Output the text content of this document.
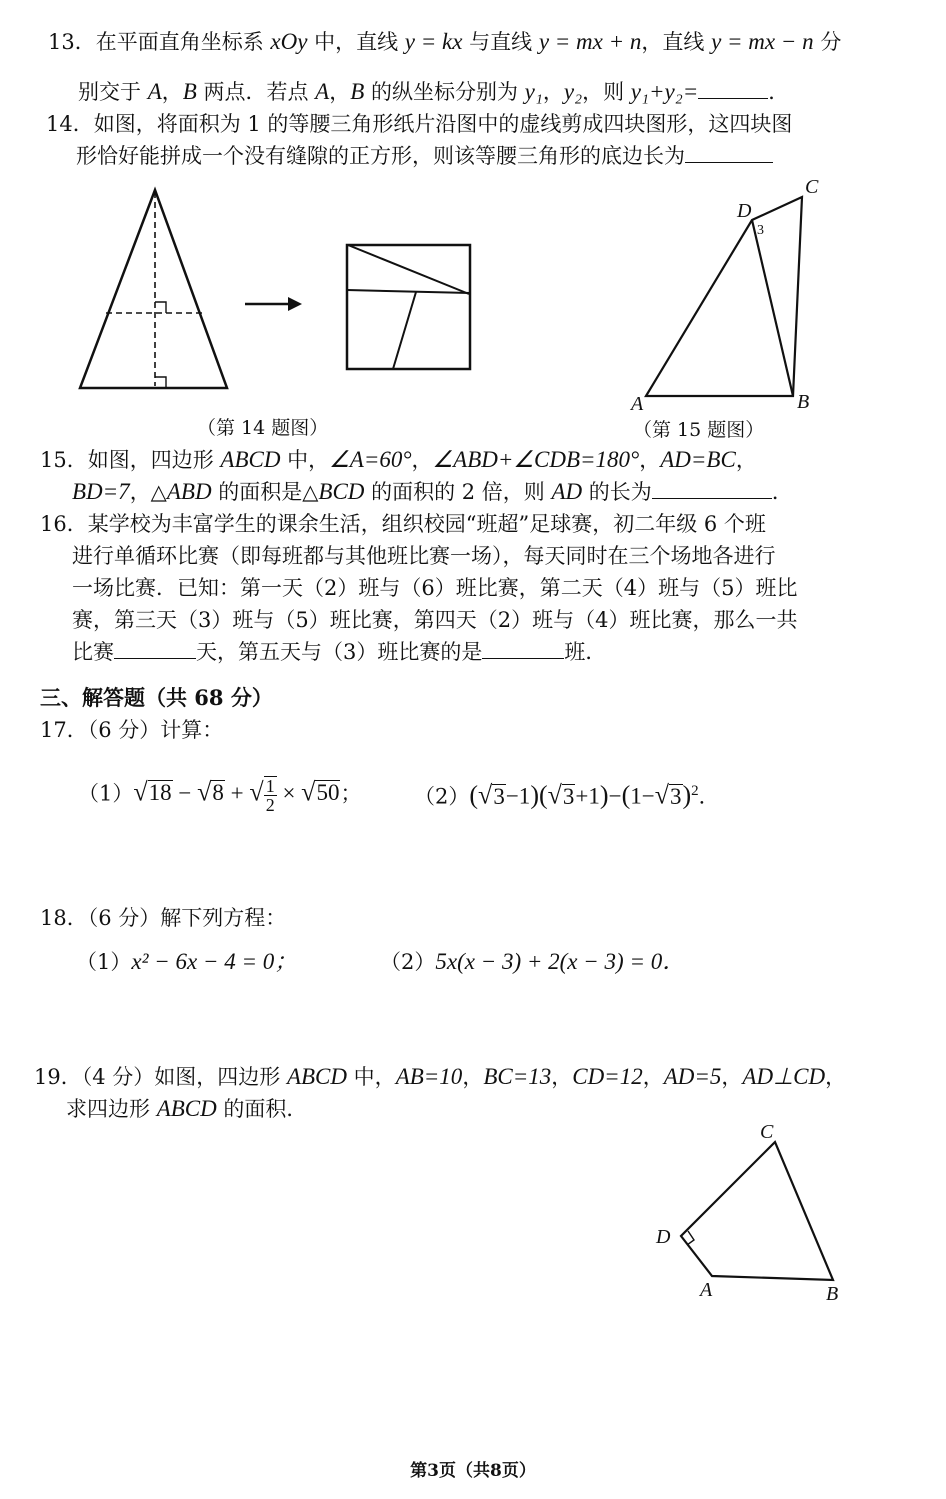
13．在平面直角坐标系 xOy 中，直线 y = kx 与直线 y = mx + n，直线 y = mx − n 分
别交于 A，B 两点．若点 A，B 的纵坐标分别为 y₁，y₂，则 y₁+y₂=	．
14．如图，将面积为 1 的等腰三角形纸片沿图中的虚线剪成四块图形，这四块图
形恰好能拼成一个没有缝隙的正方形，则该等腰三角形的底边长为
（第 14 题图）
C
D
3
A	B
（第 15 题图）
15．如图，四边形 ABCD 中，∠A=60°，∠ABD+∠CDB=180°，AD=BC，
BD=7，△ABD 的面积是△BCD 的面积的 2 倍，则 AD 的长为	．
16．某学校为丰富学生的课余生活，组织校园“班超”足球赛，初二年级 6 个班
进行单循环比赛（即每班都与其他班比赛一场），每天同时在三个场地各进行
一场比赛．已知：第一天（2）班与（6）班比赛，第二天（4）班与（5）班比
赛，第三天（3）班与（5）班比赛，第四天（2）班与（4）班比赛，那么一共
比赛	天，第五天与（3）班比赛的是	班．
三、解答题（共 68 分）
17．（6 分）计算：
（1）√18 − √8 + √ $\frac{1}{2} \times √50$；	$(2)(√3-1)(√3+1)-(1-√3)^2$．
18．（6 分）解下列方程：
（1）x² − 6x − 4 = 0；	（2）5x(x − 3) + 2(x − 3) = 0．
19．（4 分）如图，四边形 ABCD 中，AB=10，BC=13，CD=12，AD=5，AD⊥CD，
求四边形 ABCD 的面积．
C
D
A	B
第3页（共8页）
